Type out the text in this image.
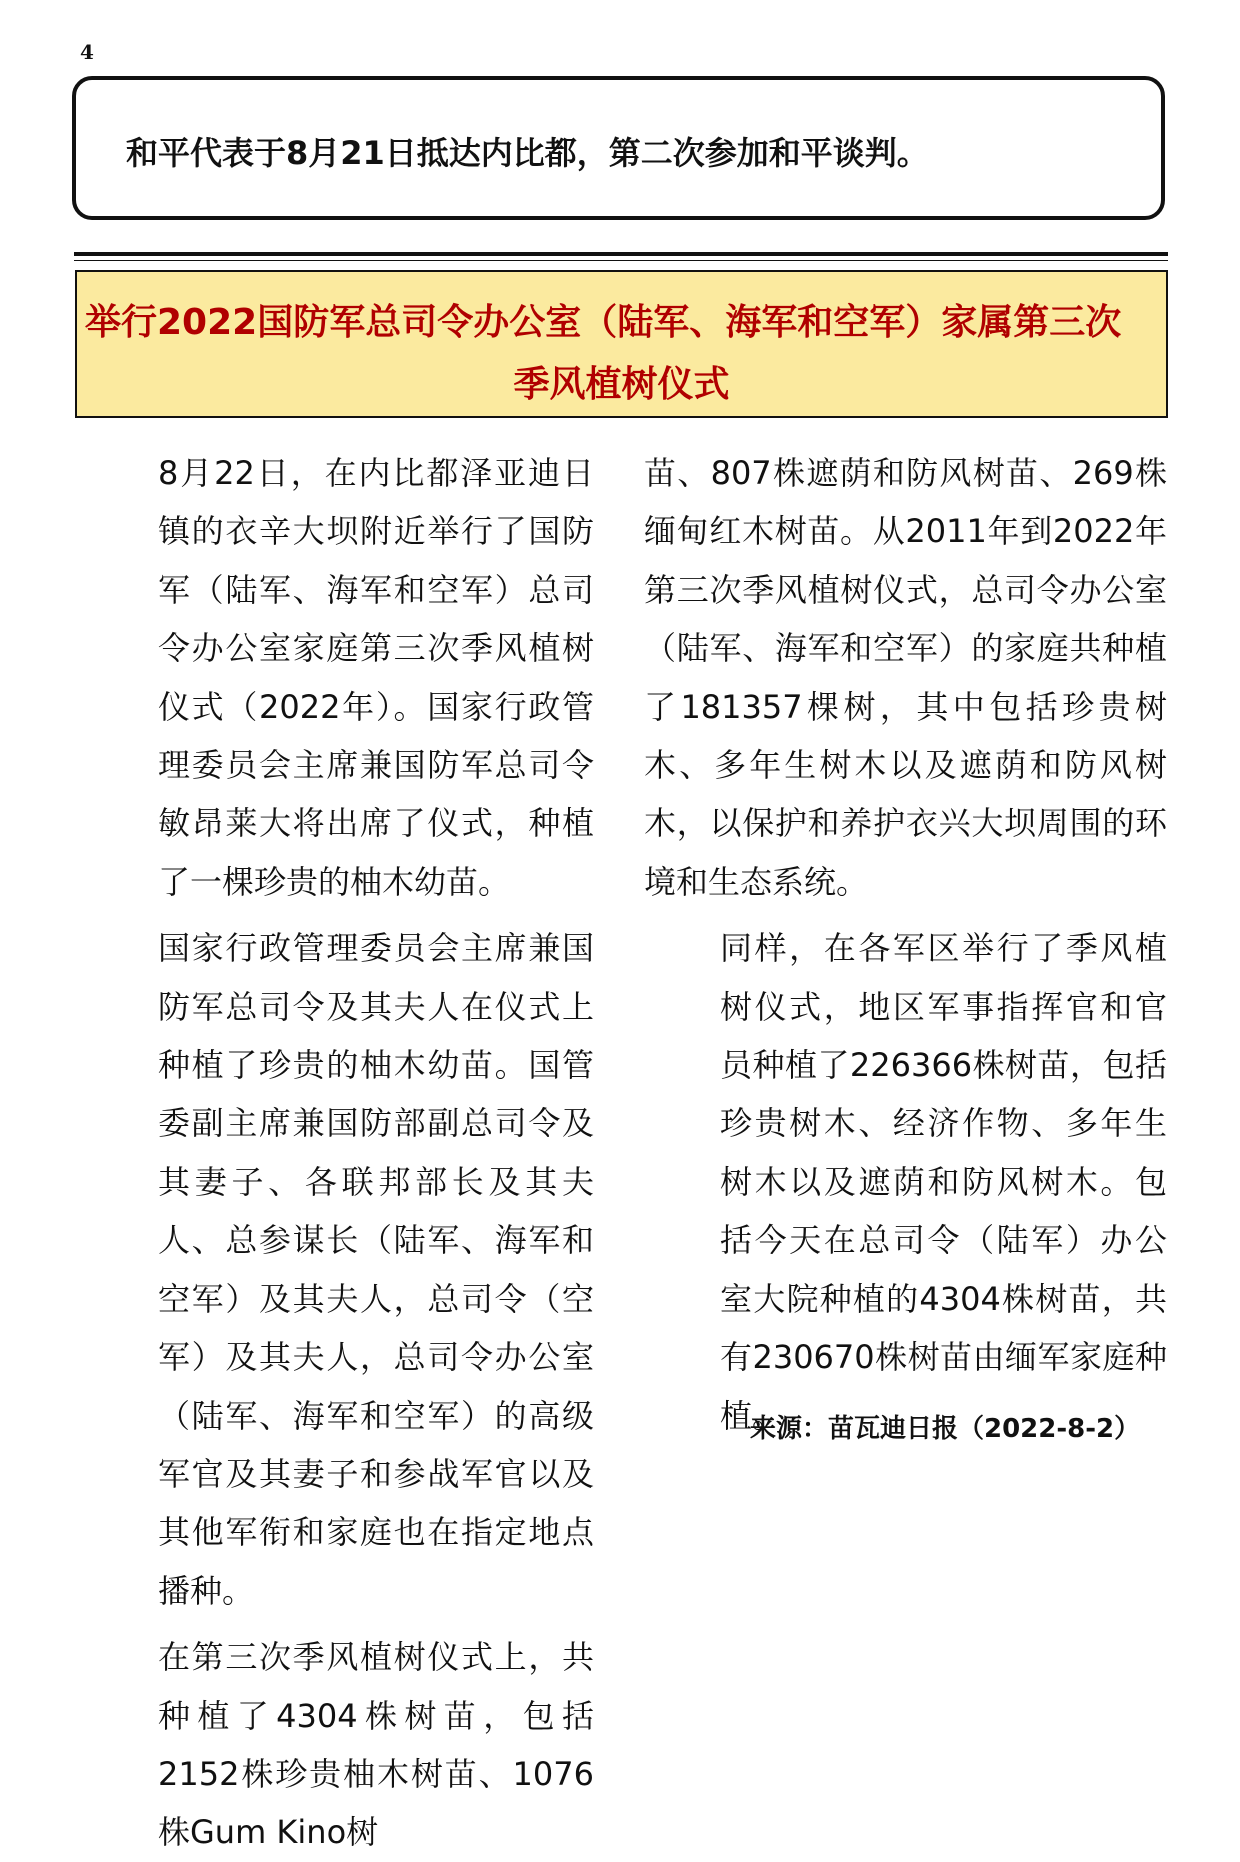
4
和平代表于8月21日抵达内比都，第二次参加和平谈判。
举行2022国防军总司令办公室（陆军、海军和空军）家属第三次
季风植树仪式

8月22日，在内比都泽亚迪日镇的衣辛大坝附近举行了国防军（陆军、海军和空军）总司令办公室家庭第三次季风植树仪式（2022年）。国家行政管理委员会主席兼国防军总司令敏昂莱大将出席了仪式，种植了一棵珍贵的柚木幼苗。

国家行政管理委员会主席兼国防军总司令及其夫人在仪式上种植了珍贵的柚木幼苗。国管委副主席兼国防部副总司令及其妻子、各联邦部长及其夫人、总参谋长（陆军、海军和空军）及其夫人，总司令（空军）及其夫人，总司令办公室（陆军、海军和空军）的高级军官及其妻子和参战军官以及其他军衔和家庭也在指定地点播种。

在第三次季风植树仪式上，共种植了4304株树苗，包括2152株珍贵柚木树苗、1076株Gum Kino树

苗、807株遮荫和防风树苗、269株缅甸红木树苗。从2011年到2022年第三次季风植树仪式，总司令办公室（陆军、海军和空军）的家庭共种植了181357棵树，其中包括珍贵树木、多年生树木以及遮荫和防风树木，以保护和养护衣兴大坝周围的环境和生态系统。

同样，在各军区举行了季风植树仪式，地区军事指挥官和官员种植了226366株树苗，包括珍贵树木、经济作物、多年生树木以及遮荫和防风树木。包括今天在总司令（陆军）办公室大院种植的4304株树苗，共有230670株树苗由缅军家庭种植。

来源：苗瓦迪日报（2022-8-2）
